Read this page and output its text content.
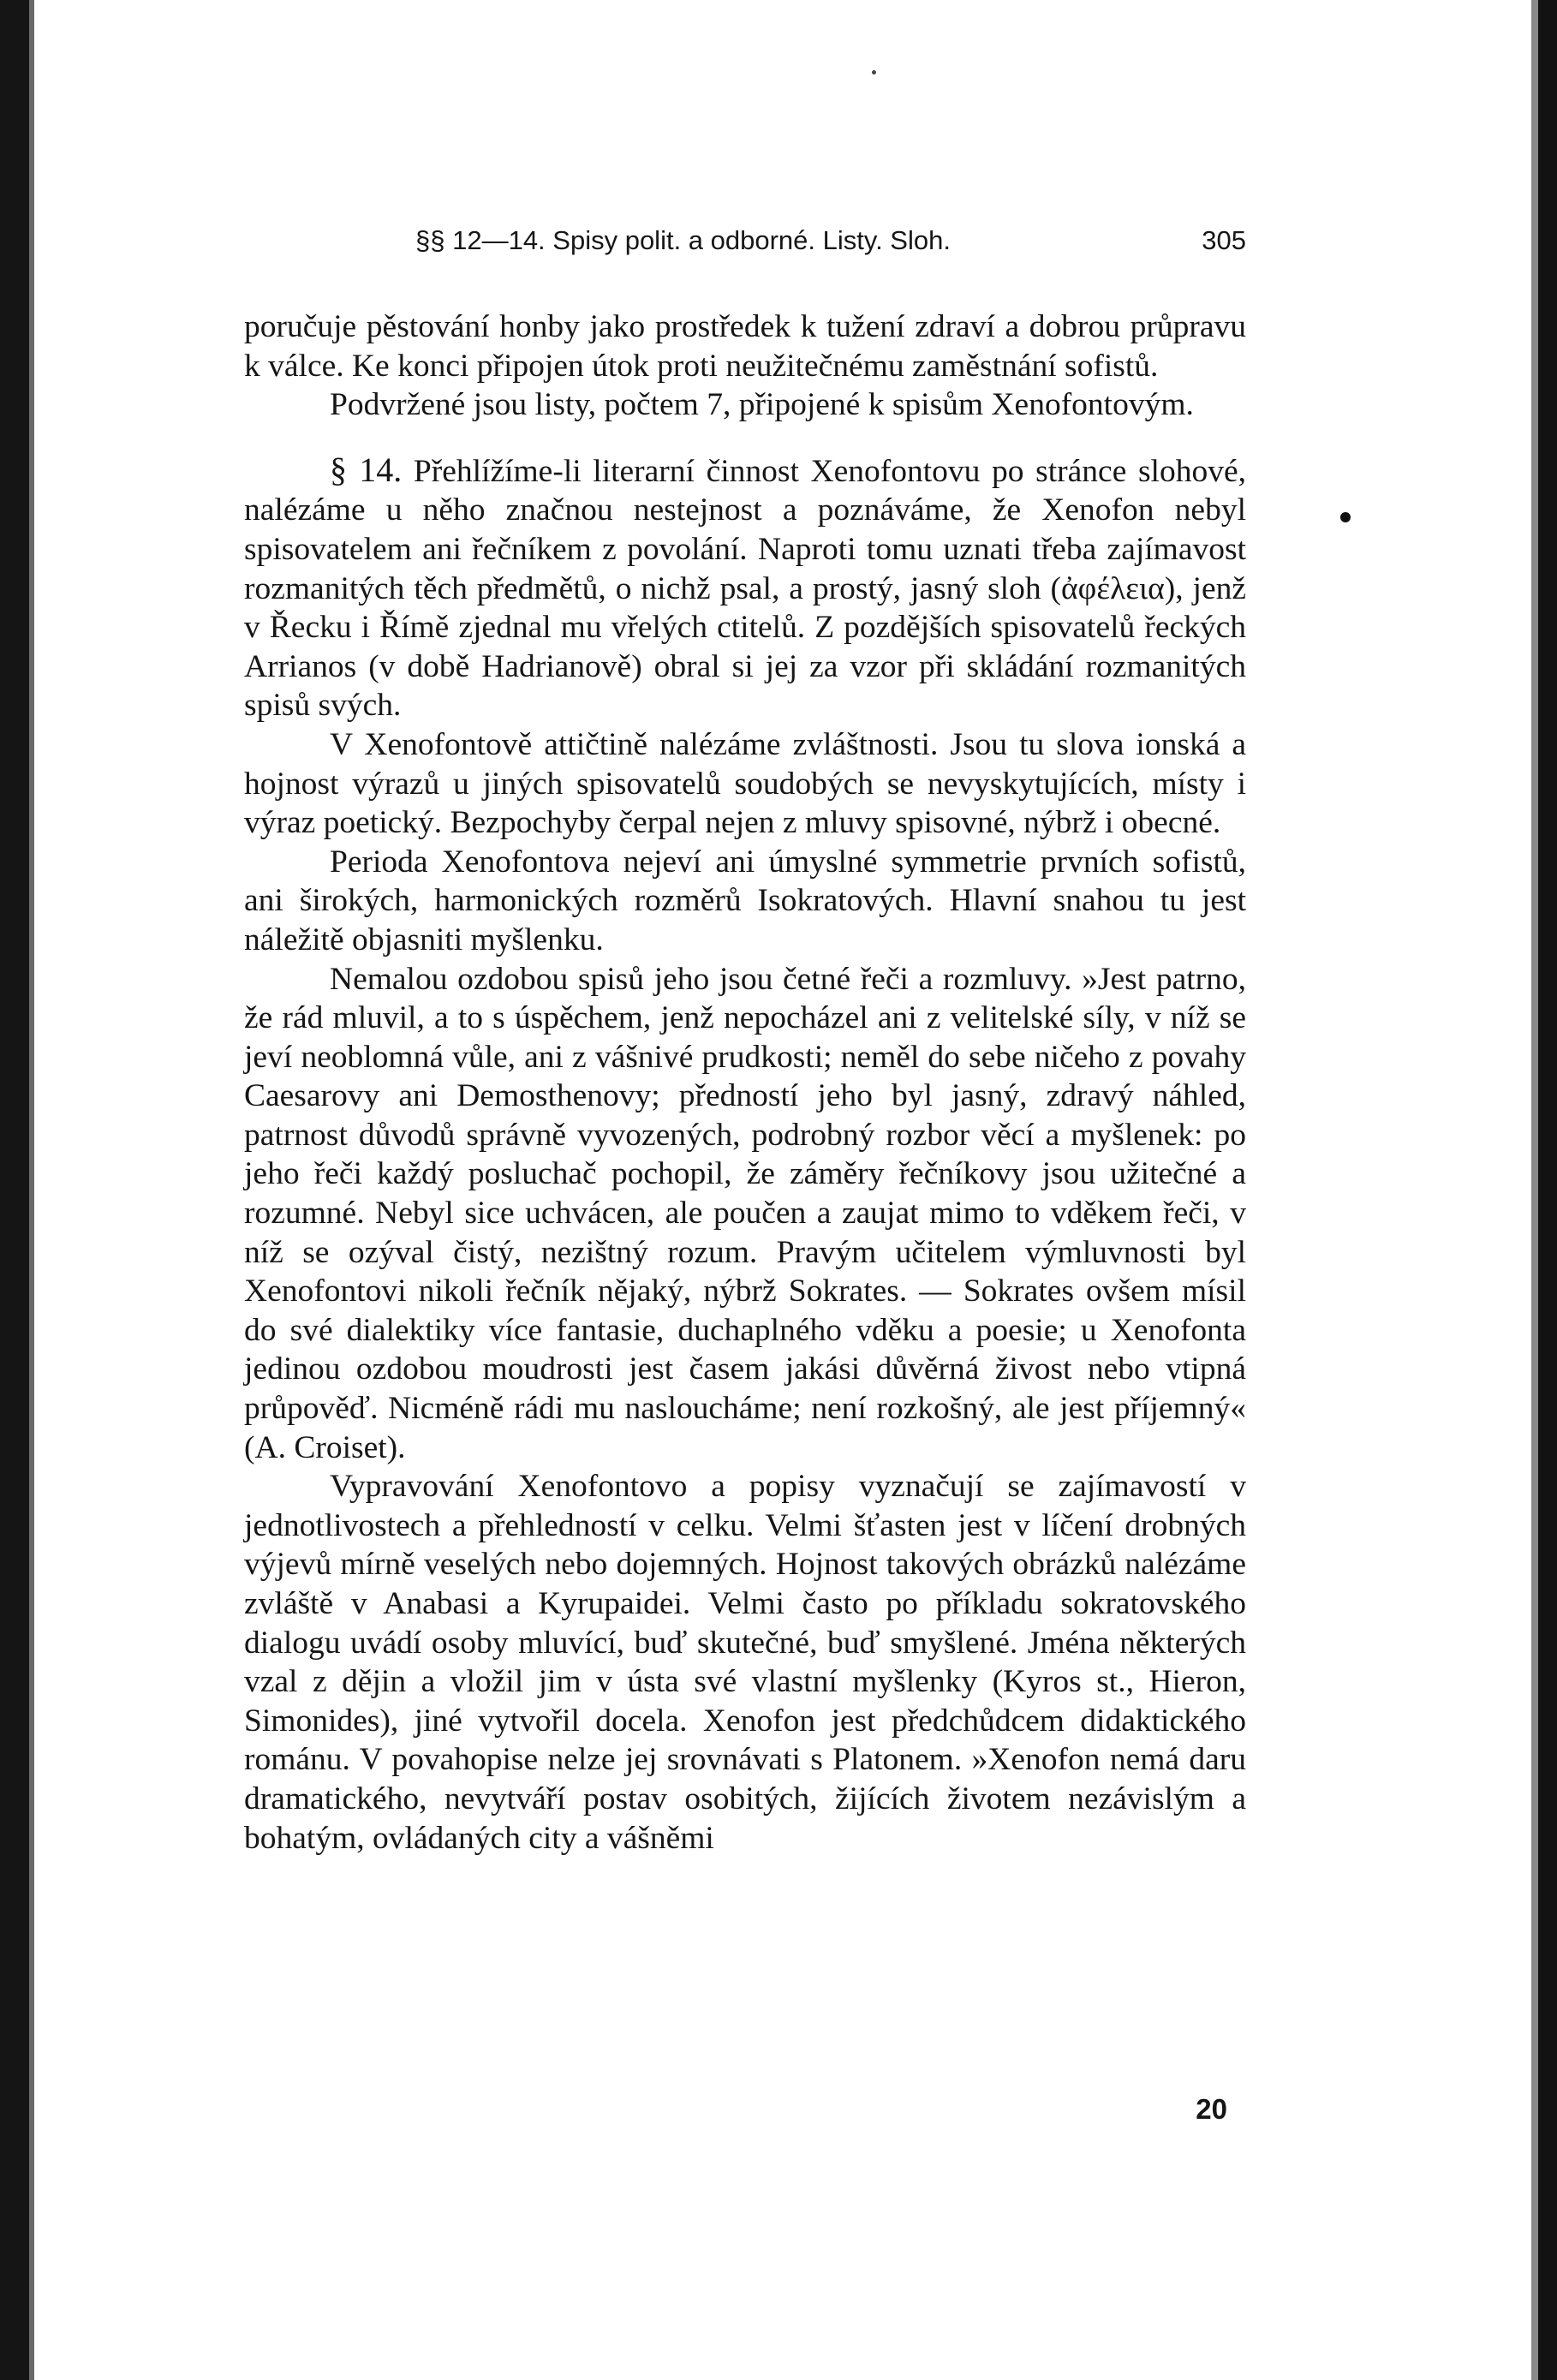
§§ 12—14. Spisy polit. a odborné. Listy. Sloh.	305

poručuje pěstování honby jako prostředek k tužení zdraví a dobrou průpravu k válce. Ke konci připojen útok proti neužitečnému zaměstnání sofistů.

Podvržené jsou listy, počtem 7, připojené k spisům Xenofontovým.

§ 14. Přehlížíme-li literarní činnost Xenofontovu po stránce slohové, nalézáme u něho značnou nestejnost a poznáváme, že Xenofon nebyl spisovatelem ani řečníkem z povolání. Naproti tomu uznati třeba zajímavost rozmanitých těch předmětů, o nichž psal, a prostý, jasný sloh (ἀφέλεια), jenž v Řecku i Římě zjednal mu vřelých ctitelů. Z pozdějších spisovatelů řeckých Arrianos (v době Hadrianově) obral si jej za vzor při skládání rozmanitých spisů svých.

V Xenofontově attičtině nalézáme zvláštnosti. Jsou tu slova ionská a hojnost výrazů u jiných spisovatelů soudobých se nevyskytujících, místy i výraz poetický. Bezpochyby čerpal nejen z mluvy spisovné, nýbrž i obecné.

Perioda Xenofontova nejeví ani úmyslné symmetrie prvních sofistů, ani širokých, harmonických rozměrů Isokratových. Hlavní snahou tu jest náležitě objasniti myšlenku.

Nemalou ozdobou spisů jeho jsou četné řeči a rozmluvy. »Jest patrno, že rád mluvil, a to s úspěchem, jenž nepocházel ani z velitelské síly, v níž se jeví neoblomná vůle, ani z vášnivé prudkosti; neměl do sebe ničeho z povahy Caesarovy ani Demosthenovy; předností jeho byl jasný, zdravý náhled, patrnost důvodů správně vyvozených, podrobný rozbor věcí a myšlenek: po jeho řeči každý posluchač pochopil, že záměry řečníkovy jsou užitečné a rozumné. Nebyl sice uchvácen, ale poučen a zaujat mimo to vděkem řeči, v níž se ozýval čistý, nezištný rozum. Pravým učitelem výmluvnosti byl Xenofontovi nikoli řečník nějaký, nýbrž Sokrates. — Sokrates ovšem mísil do své dialektiky více fantasie, duchaplného vděku a poesie; u Xenofonta jedinou ozdobou moudrosti jest časem jakási důvěrná živost nebo vtipná průpověď. Nicméně rádi mu nasloucháme; není rozkošný, ale jest příjemný« (A. Croiset).

Vypravování Xenofontovo a popisy vyznačují se zajímavostí v jednotlivostech a přehledností v celku. Velmi šťasten jest v líčení drobných výjevů mírně veselých nebo dojemných. Hojnost takových obrázků nalézáme zvláště v Anabasi a Kyrupaidei. Velmi často po příkladu sokratovského dialogu uvádí osoby mluvící, buď skutečné, buď smyšlené. Jména některých vzal z dějin a vložil jim v ústa své vlastní myšlenky (Kyros st., Hieron, Simonides), jiné vytvořil docela. Xenofon jest předchůdcem didaktického románu. V povahopise nelze jej srovnávati s Platonem. »Xenofon nemá daru dramatického, nevytváří postav osobitých, žijících životem nezávislým a bohatým, ovládaných city a vášněmi

20
